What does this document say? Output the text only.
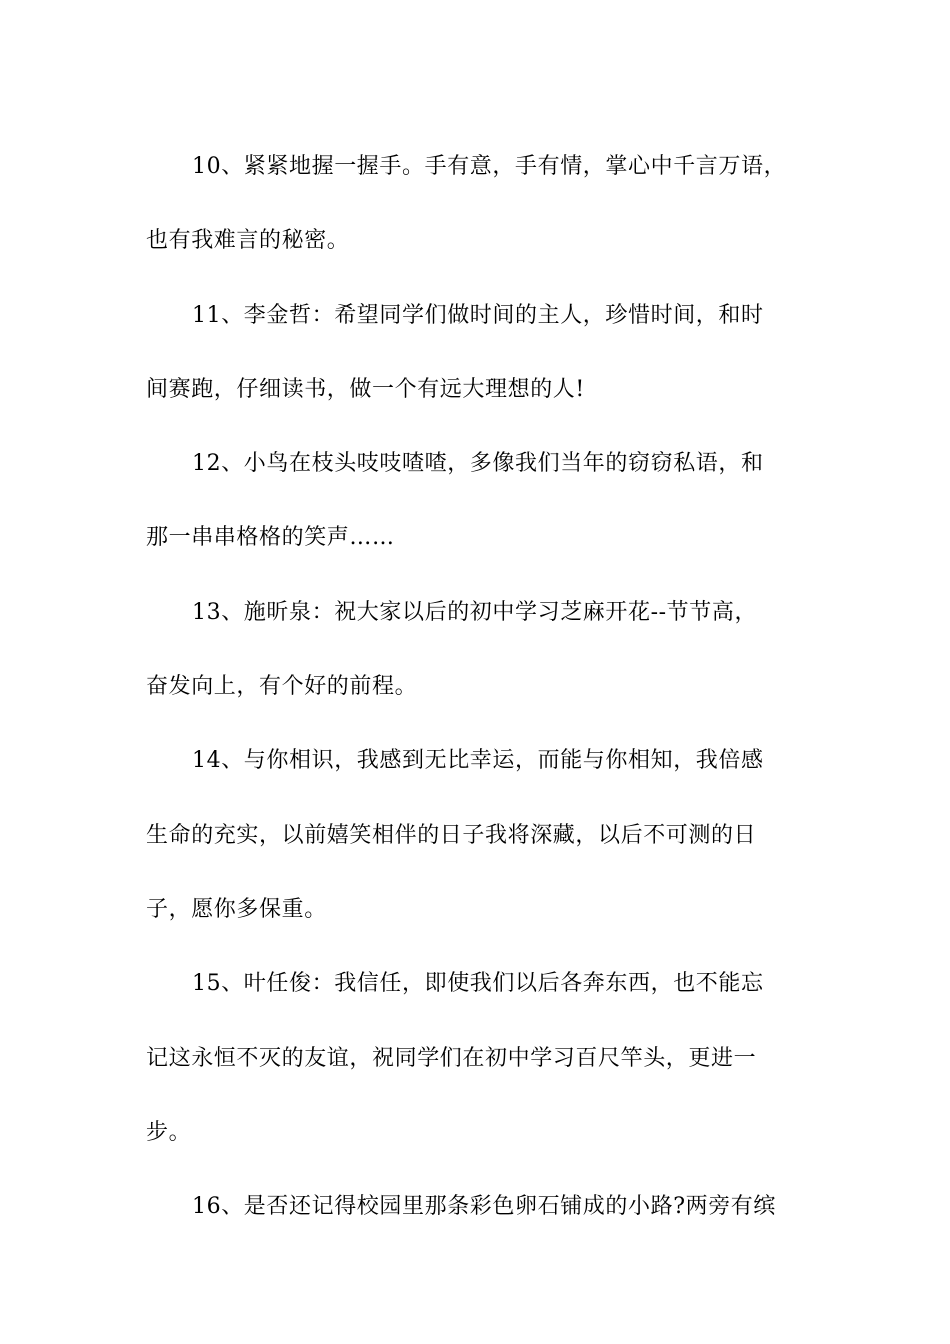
10、紧紧地握一握手。手有意，手有情，掌心中千言万语，
也有我难言的秘密。
11、李金哲：希望同学们做时间的主人，珍惜时间，和时
间赛跑，仔细读书，做一个有远大理想的人!
12、小鸟在枝头吱吱喳喳，多像我们当年的窃窃私语，和
那一串串格格的笑声……
13、施昕泉：祝大家以后的初中学习芝麻开花--节节高，
奋发向上，有个好的前程。
14、与你相识，我感到无比幸运，而能与你相知，我倍感
生命的充实，以前嬉笑相伴的日子我将深藏，以后不可测的日
子，愿你多保重。
15、叶任俊：我信任，即使我们以后各奔东西，也不能忘
记这永恒不灭的友谊，祝同学们在初中学习百尺竿头，更进一
步。
16、是否还记得校园里那条彩色卵石铺成的小路?两旁有缤
